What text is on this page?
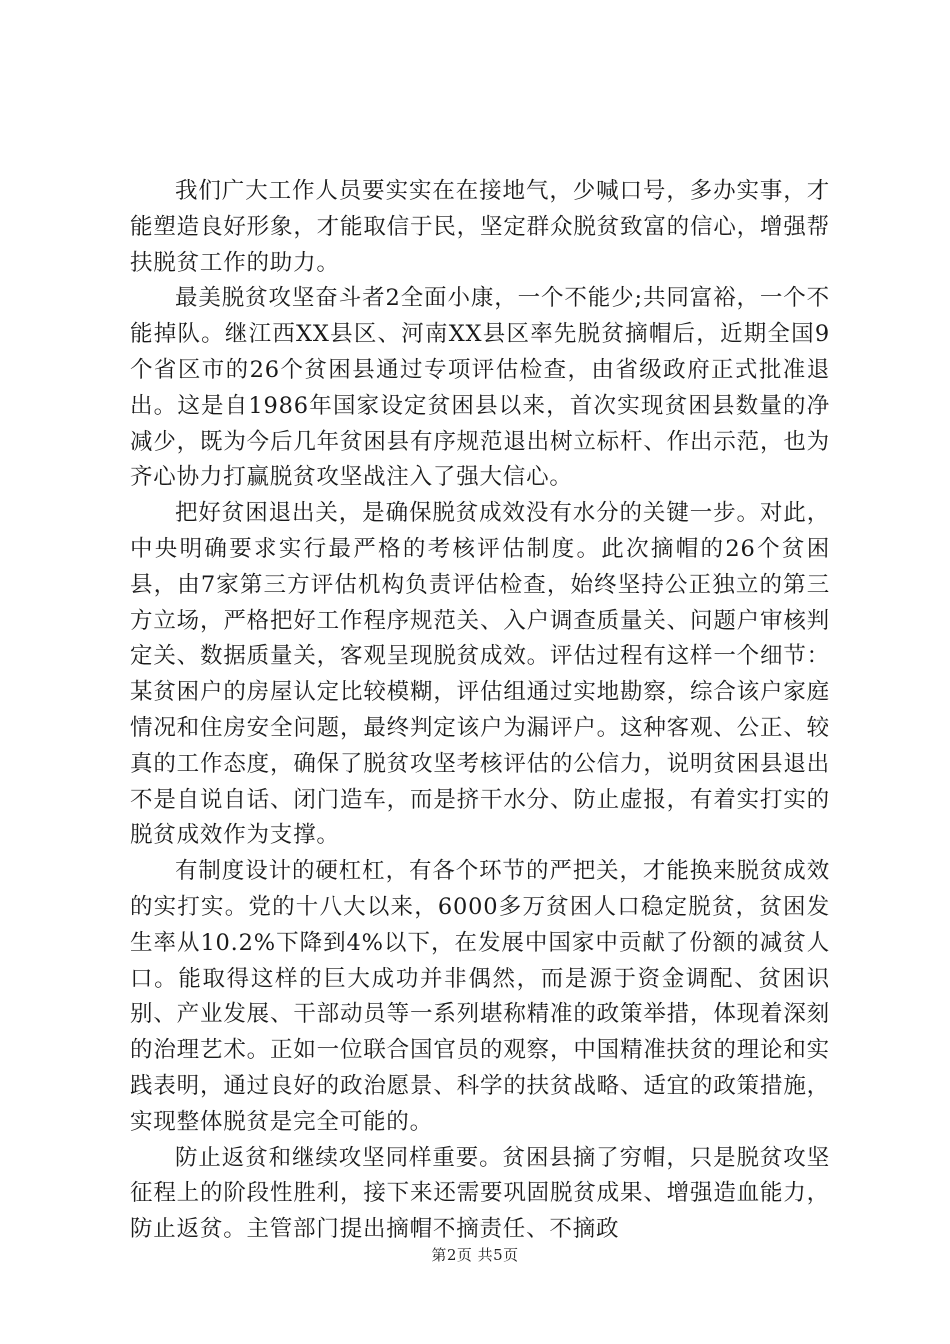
我们广大工作人员要实实在在接地气，少喊口号，多办实事，才能塑造良好形象，才能取信于民，坚定群众脱贫致富的信心，增强帮扶脱贫工作的助力。

最美脱贫攻坚奋斗者2全面小康，一个不能少;共同富裕，一个不能掉队。继江西XX县区、河南XX县区率先脱贫摘帽后，近期全国9个省区市的26个贫困县通过专项评估检查，由省级政府正式批准退出。这是自1986年国家设定贫困县以来，首次实现贫困县数量的净减少，既为今后几年贫困县有序规范退出树立标杆、作出示范，也为齐心协力打赢脱贫攻坚战注入了强大信心。

把好贫困退出关，是确保脱贫成效没有水分的关键一步。对此，中央明确要求实行最严格的考核评估制度。此次摘帽的26个贫困县，由7家第三方评估机构负责评估检查，始终坚持公正独立的第三方立场，严格把好工作程序规范关、入户调查质量关、问题户审核判定关、数据质量关，客观呈现脱贫成效。评估过程有这样一个细节：某贫困户的房屋认定比较模糊，评估组通过实地勘察，综合该户家庭情况和住房安全问题，最终判定该户为漏评户。这种客观、公正、较真的工作态度，确保了脱贫攻坚考核评估的公信力，说明贫困县退出不是自说自话、闭门造车，而是挤干水分、防止虚报，有着实打实的脱贫成效作为支撑。

有制度设计的硬杠杠，有各个环节的严把关，才能换来脱贫成效的实打实。党的十八大以来，6000多万贫困人口稳定脱贫，贫困发生率从10.2%下降到4%以下，在发展中国家中贡献了份额的减贫人口。能取得这样的巨大成功并非偶然，而是源于资金调配、贫困识别、产业发展、干部动员等一系列堪称精准的政策举措，体现着深刻的治理艺术。正如一位联合国官员的观察，中国精准扶贫的理论和实践表明，通过良好的政治愿景、科学的扶贫战略、适宜的政策措施，实现整体脱贫是完全可能的。

防止返贫和继续攻坚同样重要。贫困县摘了穷帽，只是脱贫攻坚征程上的阶段性胜利，接下来还需要巩固脱贫成果、增强造血能力，防止返贫。主管部门提出摘帽不摘责任、不摘政

第2页 共5页
